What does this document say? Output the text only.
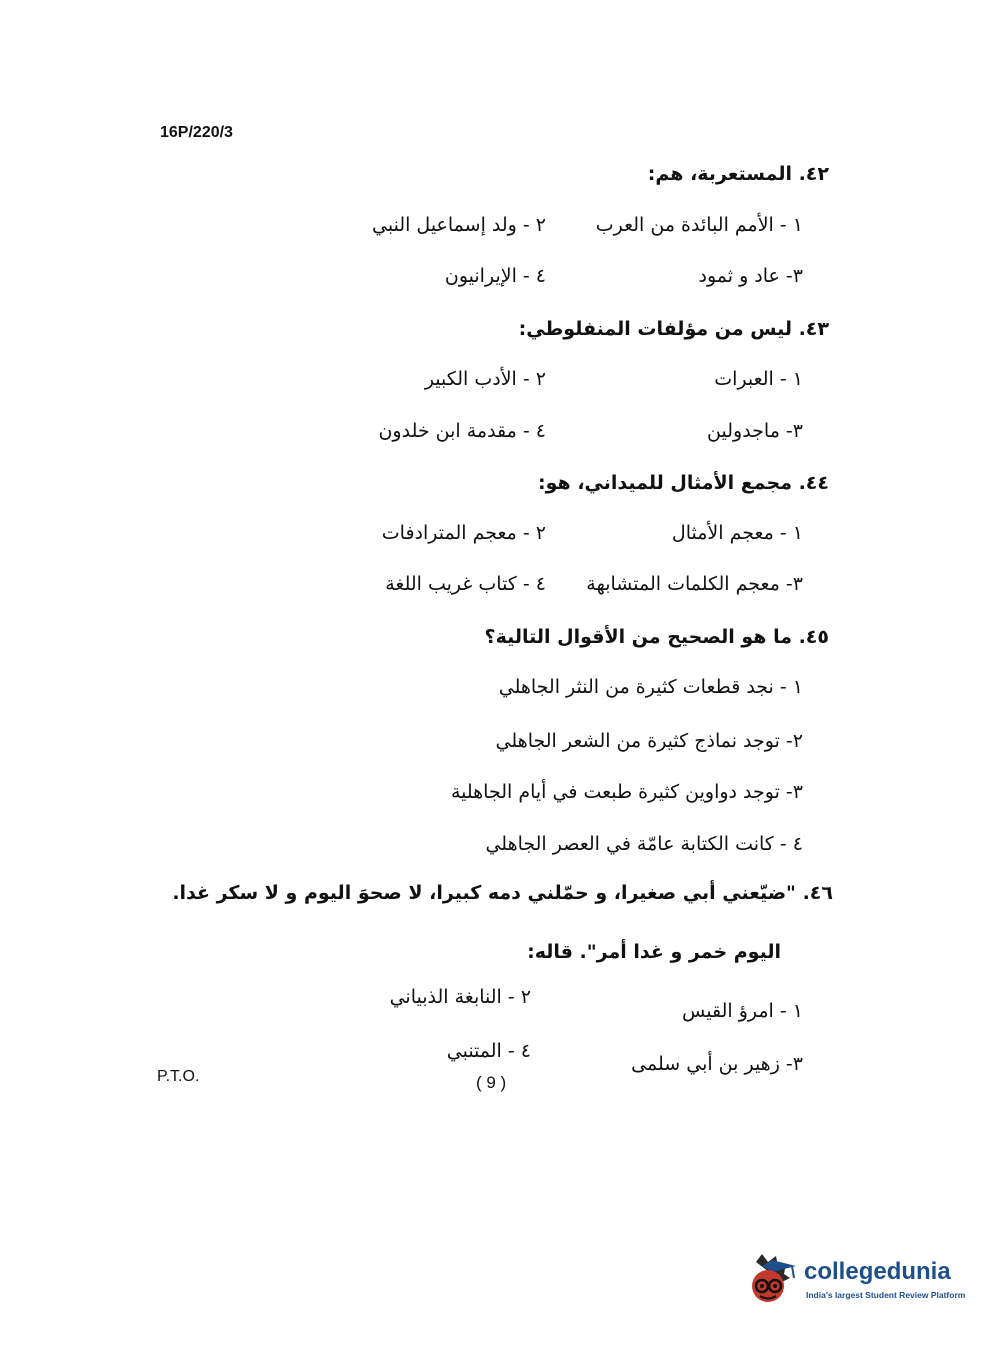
16P/220/3
٤٢. المستعربة، هم:
١ - الأمم البائدة من العرب
٢ - ولد إسماعيل النبي
٣- عاد و ثمود
٤ - الإيرانيون
٤٣. ليس من مؤلفات المنفلوطي:
١ - العبرات
٢ - الأدب الكبير
٣- ماجدولين
٤ - مقدمة ابن خلدون
٤٤. مجمع الأمثال للميداني، هو:
١ - معجم الأمثال
٢ - معجم المترادفات
٣- معجم الكلمات المتشابهة
٤ - كتاب غريب اللغة
٤٥. ما هو الصحيح من الأقوال التالية؟
١ - نجد قطعات كثيرة من النثر الجاهلي
٢- توجد نماذج كثيرة من الشعر الجاهلي
٣- توجد دواوين كثيرة طبعت في أيام الجاهلية
٤ - كانت الكتابة عامّة في العصر الجاهلي
٤٦. "ضيّعني أبي صغيرا، و حمّلني دمه كبيرا، لا صحوَ اليوم و لا سكر غدا.
اليوم خمر و غدا أمر". قاله:
١ - امرؤ القيس
٢ - النابغة الذبياني
٣- زهير بن أبي سلمى
٤ - المتنبي
P.T.O.	( 9 )
collegedunia
India's largest Student Review Platform
